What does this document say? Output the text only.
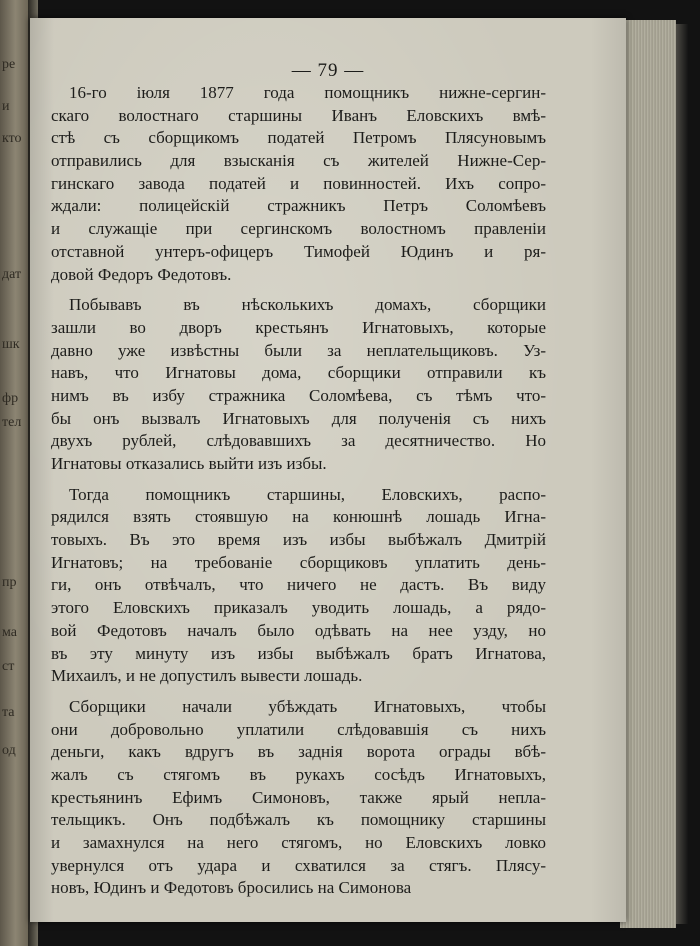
ре
и
кто
дат
шк
фр
тел
пр
ма
ст
та
од
— 79 —

16-го іюля 1877 года помощникъ нижне-сергин-
скаго волостнаго старшины Иванъ Еловскихъ вмѣ-
стѣ съ сборщикомъ податей Петромъ Плясуновымъ
отправились для взысканія съ жителей Нижне-Сер-
гинскаго завода податей и повинностей. Ихъ сопро-
ждали: полицейскій стражникъ Петръ Соломѣевъ
и служащіе при сергинскомъ волостномъ правленіи
отставной унтеръ-офицеръ Тимофей Юдинъ и ря-
довой Федоръ Федотовъ.

Побывавъ въ нѣсколькихъ домахъ, сборщики
зашли во дворъ крестьянъ Игнатовыхъ, которые
давно уже извѣстны были за неплательщиковъ. Уз-
навъ, что Игнатовы дома, сборщики отправили къ
нимъ въ избу стражника Соломѣева, съ тѣмъ что-
бы онъ вызвалъ Игнатовыхъ для полученія съ нихъ
двухъ рублей, слѣдовавшихъ за десятничество. Но
Игнатовы отказались выйти изъ избы.

Тогда помощникъ старшины, Еловскихъ, распо-
рядился взять стоявшую на конюшнѣ лошадь Игна-
товыхъ. Въ это время изъ избы выбѣжалъ Дмитрій
Игнатовъ; на требованіе сборщиковъ уплатить день-
ги, онъ отвѣчалъ, что ничего не дастъ. Въ виду
этого Еловскихъ приказалъ уводить лошадь, а рядо-
вой Федотовъ началъ было одѣвать на нее узду, но
въ эту минуту изъ избы выбѣжалъ братъ Игнатова,
Михаилъ, и не допустилъ вывести лошадь.

Сборщики начали убѣждать Игнатовыхъ, чтобы
они добровольно уплатили слѣдовавшія съ нихъ
деньги, какъ вдругъ въ заднія ворота ограды вбѣ-
жалъ съ стягомъ въ рукахъ сосѣдъ Игнатовыхъ,
крестьянинъ Ефимъ Симоновъ, также ярый непла-
тельщикъ. Онъ подбѣжалъ къ помощнику старшины
и замахнулся на него стягомъ, но Еловскихъ ловко
увернулся отъ удара и схватился за стягъ. Плясу-
новъ, Юдинъ и Федотовъ бросились на Симонова
